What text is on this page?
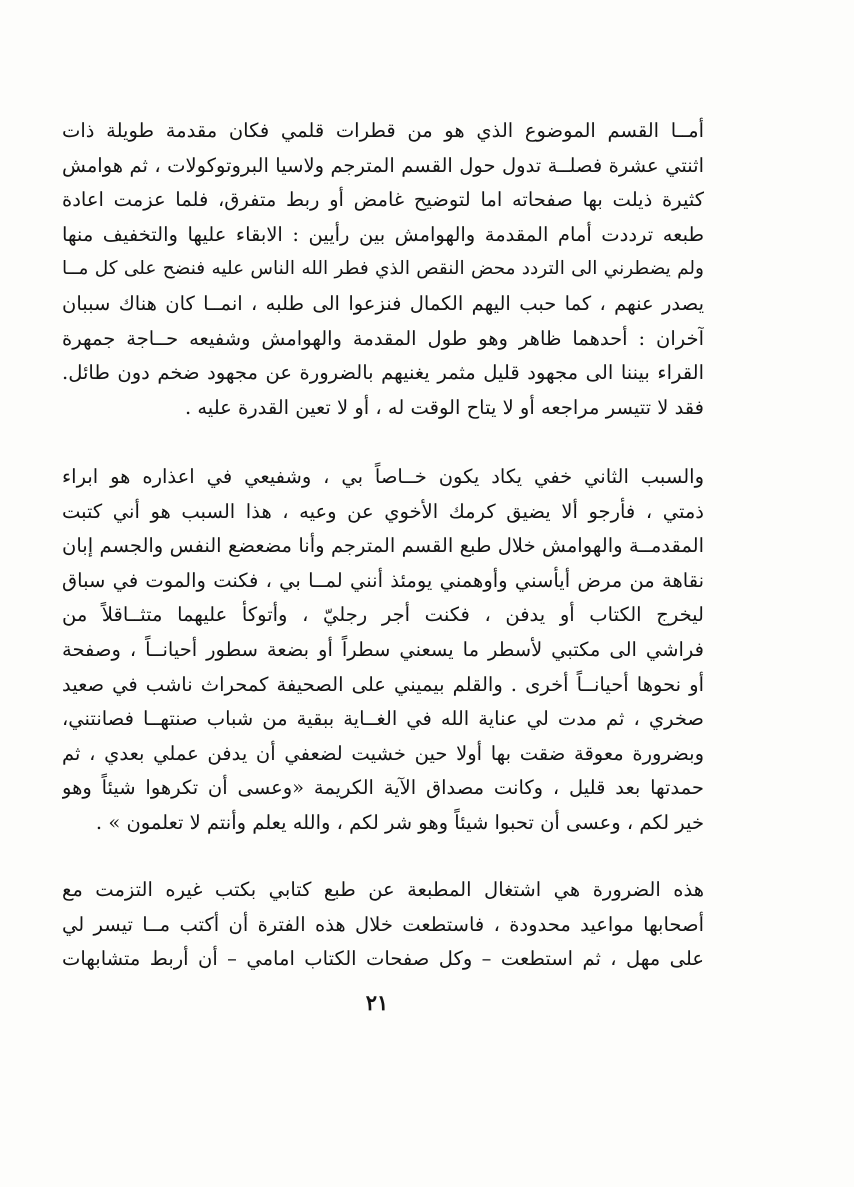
أمــا القسم الموضوع الذي هو من قطرات قلمي فكان مقدمة طويلة ذات
اثنتي عشرة فصلــة تدول حول القسم المترجم ولاسيا البروتوكولات ، ثم هوامش
كثيرة ذيلت بها صفحاته اما لتوضيح غامض أو ربط متفرق، فلما عزمت اعادة
طبعه ترددت أمام المقدمة والهوامش بين رأيين : الابقاء عليها والتخفيف منها
ولم يضطرني الى التردد محض النقص الذي فطر الله الناس عليه فنضح على كل مــا
يصدر عنهم ، كما حبب اليهم الكمال فنزعوا الى طلبه ، انمــا كان هناك سببان
آخران : أحدهما ظاهر وهو طول المقدمة والهوامش وشفيعه حــاجة جمهرة
القراء بيننا الى مجهود قليل مثمر يغنيهم بالضرورة عن مجهود ضخم دون طائل.
فقد لا تتيسر مراجعه أو لا يتاح الوقت له ، أو لا تعين القدرة عليه .
والسبب الثاني خفي يكاد يكون خــاصاً بي ، وشفيعي في اعذاره هو ابراء
ذمتي ، فأرجو ألا يضيق كرمك الأخوي عن وعيه ، هذا السبب هو أني كتبت
المقدمــة والهوامش خلال طبع القسم المترجم وأنا مضعضع النفس والجسم إبان
نقاهة من مرض أيأسني وأوهمني يومئذ أنني لمــا بي ، فكنت والموت في سباق
ليخرج الكتاب أو يدفن ، فكنت أجر رجليّ ، وأتوكأ عليهما متثــاقلاً من
فراشي الى مكتبي لأسطر ما يسعني سطراً أو بضعة سطور أحيانــاً ، وصفحة
أو نحوها أحيانــاً أخرى . والقلم بيميني على الصحيفة كمحراث ناشب في صعيد
صخري ، ثم مدت لي عناية الله في الغــاية ببقية من شباب صنتهــا فصانتني،
وبضرورة معوقة ضقت بها أولا حين خشيت لضعفي أن يدفن عملي بعدي ، ثم
حمدتها بعد قليل ، وكانت مصداق الآية الكريمة «وعسى أن تكرهوا شيئاً وهو
خير لكم ، وعسى أن تحبوا شيئاً وهو شر لكم ، والله يعلم وأنتم لا تعلمون » .
هذه الضرورة هي اشتغال المطبعة عن طبع كتابي بكتب غيره التزمت مع
أصحابها مواعيد محدودة ، فاستطعت خلال هذه الفترة أن أكتب مــا تيسر لي
على مهل ، ثم استطعت – وكل صفحات الكتاب امامي – أن أربط متشابهات
٢١
